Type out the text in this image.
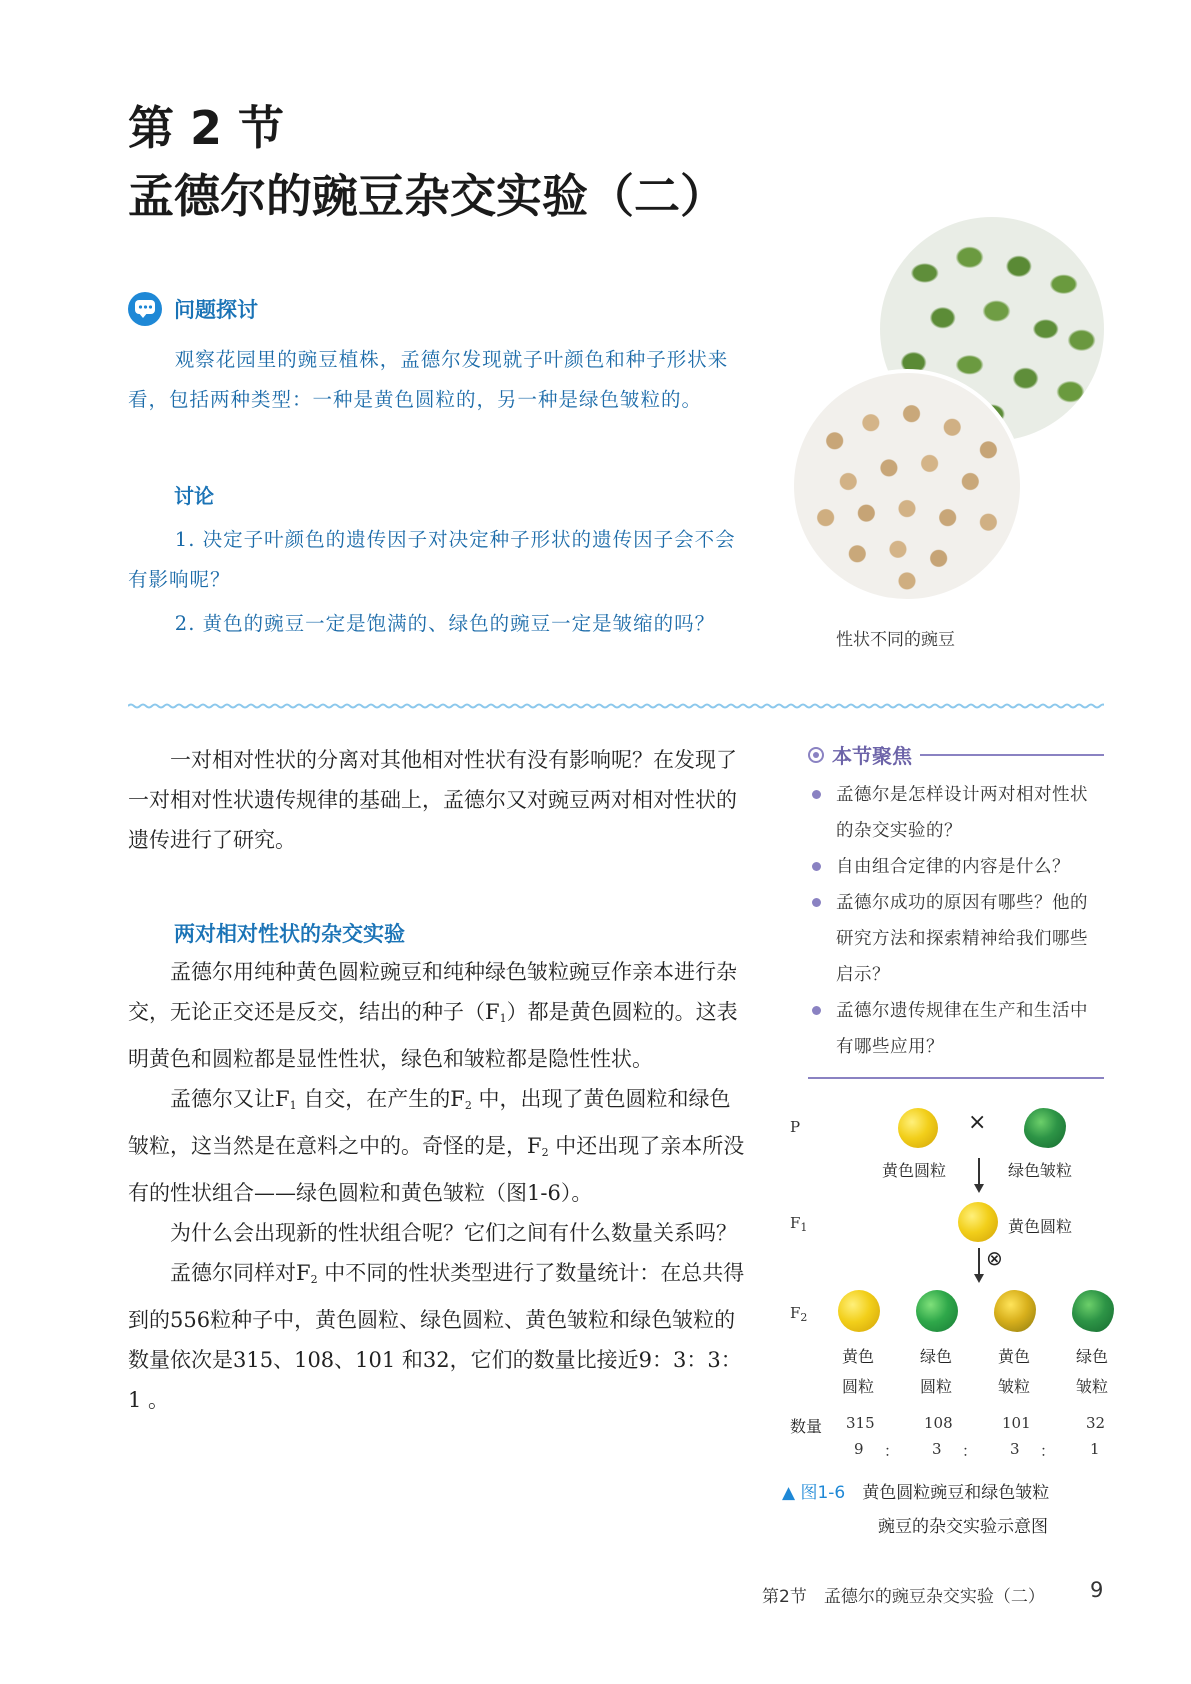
第 2 节
孟德尔的豌豆杂交实验（二）
问题探讨
观察花园里的豌豆植株，孟德尔发现就子叶颜色和种子形状来看，包括两种类型：一种是黄色圆粒的，另一种是绿色皱粒的。
讨论
1. 决定子叶颜色的遗传因子对决定种子形状的遗传因子会不会有影响呢？
2. 黄色的豌豆一定是饱满的、绿色的豌豆一定是皱缩的吗？
性状不同的豌豆

一对相对性状的分离对其他相对性状有没有影响呢？在发现了一对相对性状遗传规律的基础上，孟德尔又对豌豆两对相对性状的遗传进行了研究。

两对相对性状的杂交实验

孟德尔用纯种黄色圆粒豌豆和纯种绿色皱粒豌豆作亲本进行杂交，无论正交还是反交，结出的种子$(F_1)$都是黄色圆粒的。这表明黄色和圆粒都是显性性状，绿色和皱粒都是隐性性状。

孟德尔又让$F_1$ 自交，在产生的$F_2$ 中，出现了黄色圆粒和绿色皱粒，这当然是在意料之中的。奇怪的是，$F_2$ 中还出现了亲本所没有的性状组合——绿色圆粒和黄色皱粒（图1-6）。

为什么会出现新的性状组合呢？它们之间有什么数量关系吗？

孟德尔同样对$F_2$ 中不同的性状类型进行了数量统计：在总共得到的556粒种子中，黄色圆粒、绿色圆粒、黄色皱粒和绿色皱粒的数量依次是315、108、101 和32，它们的数量比接近9：3：3：1 。

本节聚焦
孟德尔是怎样设计两对相对性状的杂交实验的？
自由组合定律的内容是什么？
孟德尔成功的原因有哪些？他的研究方法和探索精神给我们哪些启示？
孟德尔遗传规律在生产和生活中有哪些应用？
P	×
黄色圆粒	绿色皱粒
$F_1$	黄色圆粒
⊗
$F_2$
黄色	绿色	黄色	绿色
圆粒	圆粒	皱粒	皱粒
数量 315	108	101	32
9 ： 3 ： 3 ： 1
▲ 图1-6　 黄色圆粒豌豆和绿色皱粒
豌豆的杂交实验示意图
第2节　孟德尔的豌豆杂交实验（二） 9
